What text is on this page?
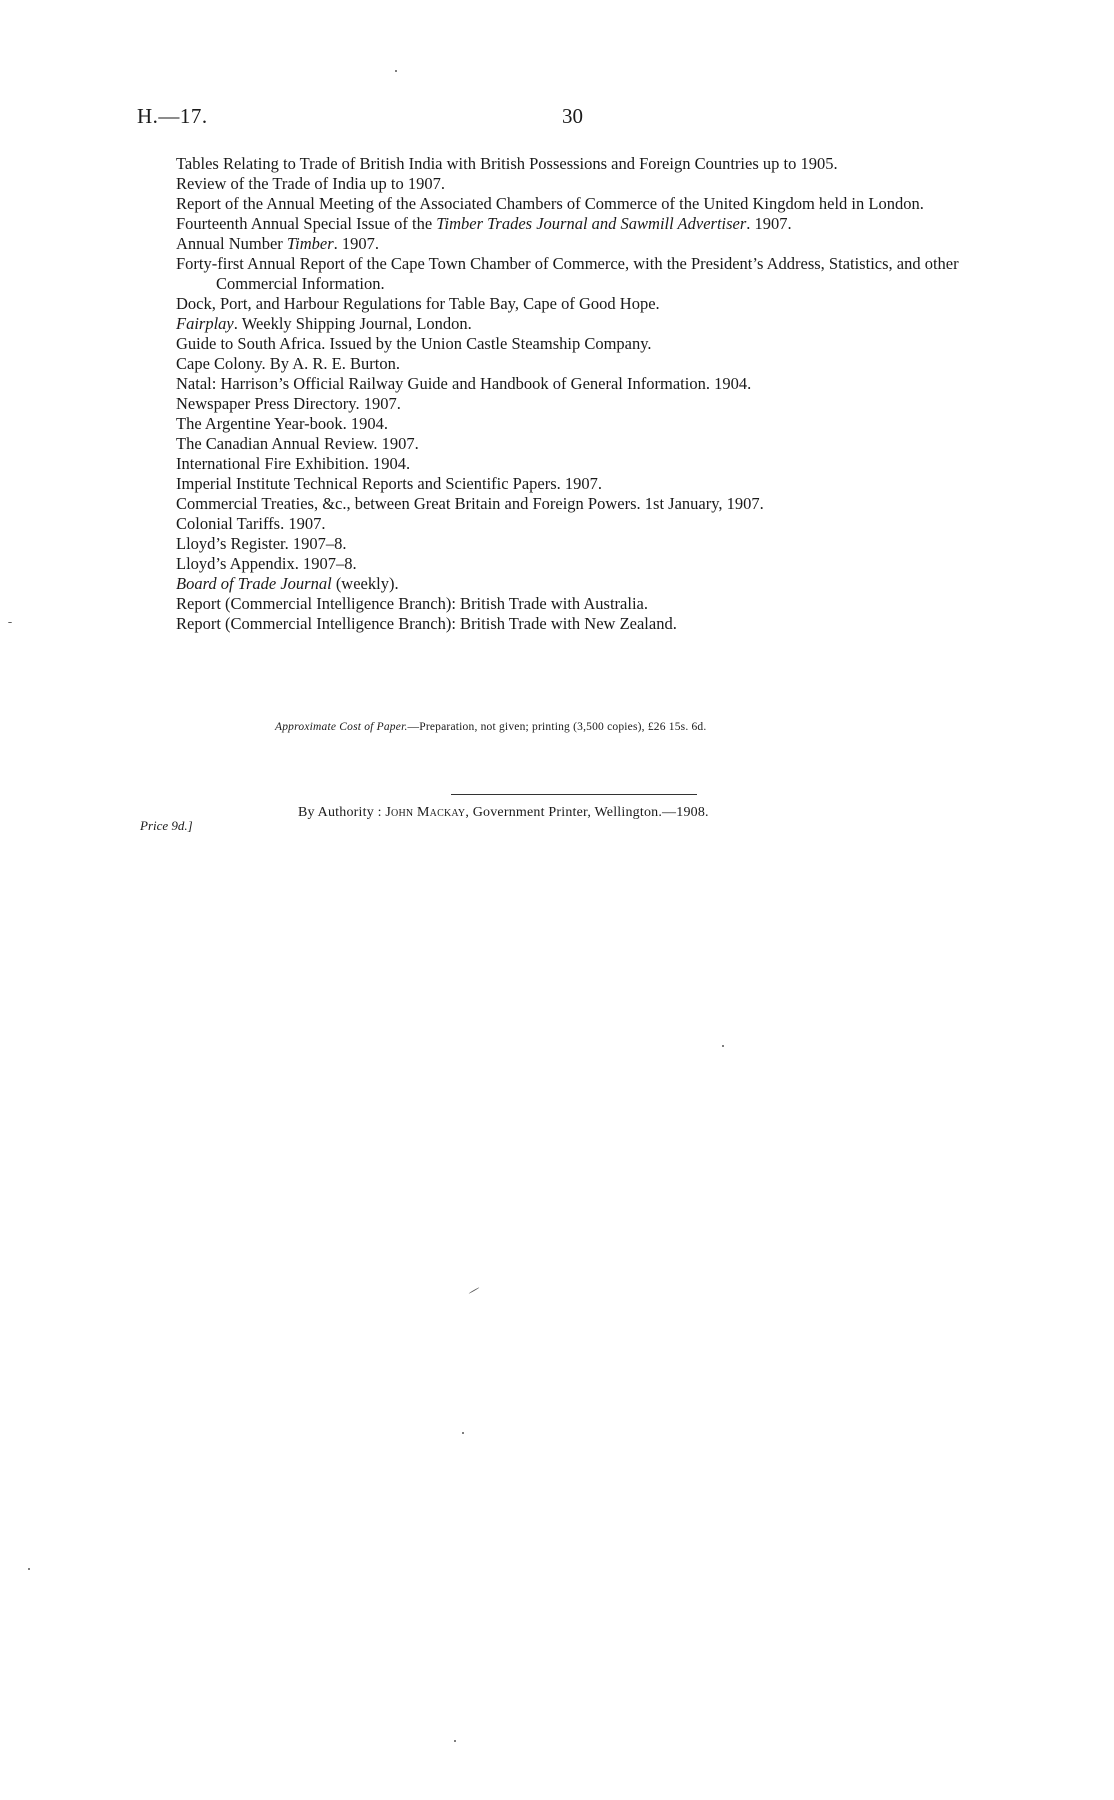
H.—17.	30
Tables Relating to Trade of British India with British Possessions and Foreign Countries up to 1905.
Review of the Trade of India up to 1907.
Report of the Annual Meeting of the Associated Chambers of Commerce of the United Kingdom held in London.
Fourteenth Annual Special Issue of the Timber Trades Journal and Sawmill Advertiser. 1907.
Annual Number Timber. 1907.
Forty-first Annual Report of the Cape Town Chamber of Commerce, with the President’s Address, Statistics, and other Commercial Information.
Dock, Port, and Harbour Regulations for Table Bay, Cape of Good Hope.
Fairplay. Weekly Shipping Journal, London.
Guide to South Africa. Issued by the Union Castle Steamship Company.
Cape Colony. By A. R. E. Burton.
Natal: Harrison’s Official Railway Guide and Handbook of General Information. 1904.
Newspaper Press Directory. 1907.
The Argentine Year-book. 1904.
The Canadian Annual Review. 1907.
International Fire Exhibition. 1904.
Imperial Institute Technical Reports and Scientific Papers. 1907.
Commercial Treaties, &c., between Great Britain and Foreign Powers. 1st January, 1907.
Colonial Tariffs. 1907.
Lloyd’s Register. 1907–8.
Lloyd’s Appendix. 1907–8.
Board of Trade Journal (weekly).
Report (Commercial Intelligence Branch): British Trade with Australia.
Report (Commercial Intelligence Branch): British Trade with New Zealand.
Approximate Cost of Paper.—Preparation, not given; printing (3,500 copies), £26 15s. 6d.
Price 9d.]
By Authority : John Mackay, Government Printer, Wellington.—1908.
